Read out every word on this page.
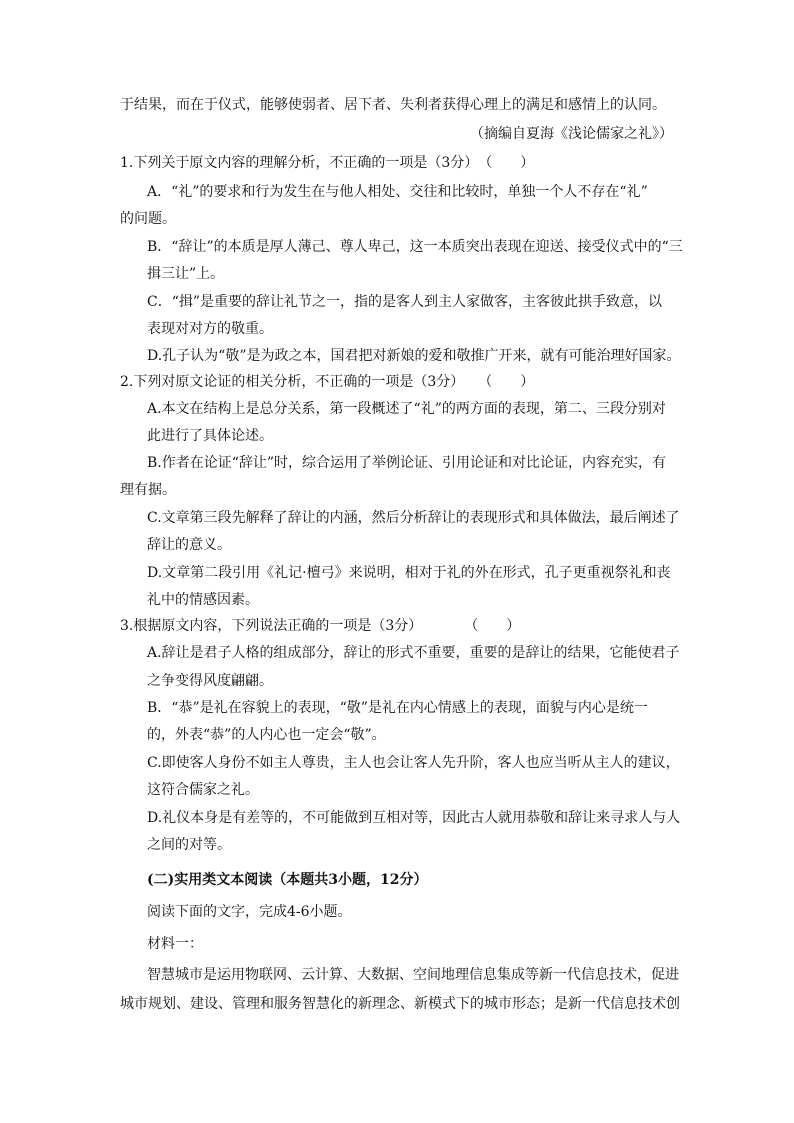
于结果，而在于仪式，能够使弱者、居下者、失利者获得心理上的满足和感情上的认同。
（摘编自夏海《浅论儒家之礼》）
1.下列关于原文内容的理解分析，不正确的一项是（3分）　（　　）
A．“礼”的要求和行为发生在与他人相处、交往和比较时，单独一个人不存在“礼”
的问题。
B．“辞让”的本质是厚人薄己、尊人卑己，这一本质突出表现在迎送、接受仪式中的“三
揖三让”上。
C．“揖”是重要的辞让礼节之一，指的是客人到主人家做客，主客彼此拱手致意，以
表现对对方的敬重。
D.孔子认为“敬”是为政之本，国君把对新娘的爱和敬推广开来，就有可能治理好国家。
2.下列对原文论证的相关分析，不正确的一项是（3分）　　（　　）
A.本文在结构上是总分关系，第一段概述了“礼”的两方面的表现，第二、三段分别对
此进行了具体论述。
B.作者在论证“辞让”时，综合运用了举例论证、引用论证和对比论证，内容充实，有
理有据。
C.文章第三段先解释了辞让的内涵，然后分析辞让的表现形式和具体做法，最后阐述了
辞让的意义。
D.文章第二段引用《礼记·檀弓》来说明，相对于礼的外在形式，孔子更重视祭礼和丧
礼中的情感因素。
3.根据原文内容，下列说法正确的一项是（3分）　　　　（　　）
A.辞让是君子人格的组成部分，辞让的形式不重要，重要的是辞让的结果，它能使君子
之争变得风度翩翩。
B．“恭”是礼在容貌上的表现，“敬”是礼在内心情感上的表现，面貌与内心是统一
的，外表“恭”的人内心也一定会“敬”。
C.即使客人身份不如主人尊贵，主人也会让客人先升阶，客人也应当听从主人的建议，
这符合儒家之礼。
D.礼仪本身是有差等的，不可能做到互相对等，因此古人就用恭敬和辞让来寻求人与人
之间的对等。
(二)实用类文本阅读（本题共3小题，12分）
阅读下面的文字，完成4-6小题。
材料一：
智慧城市是运用物联网、云计算、大数据、空间地理信息集成等新一代信息技术，促进
城市规划、建设、管理和服务智慧化的新理念、新模式下的城市形态；是新一代信息技术创
